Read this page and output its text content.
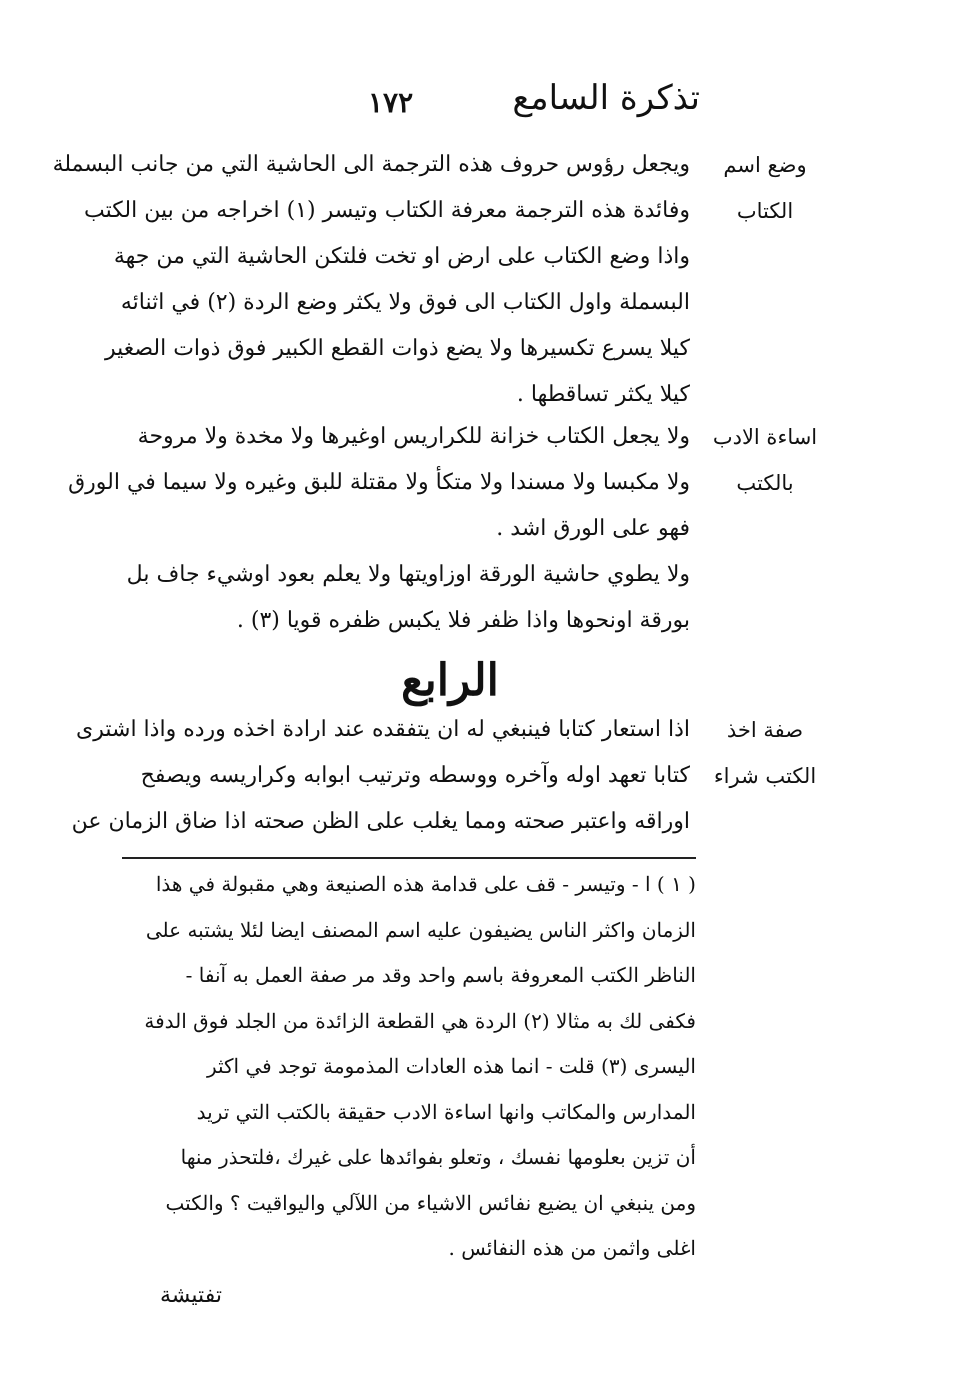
تذكرة السامع
١٧٢

وضع اسم

الكتاب

ويجعل رؤوس حروف هذه الترجمة الى الحاشية التي من جانب البسملة

وفائدة هذه الترجمة معرفة الكتاب وتيسر (١) اخراجه من بين الكتب

واذا وضع الكتاب على ارض او تخت فلتكن الحاشية التي من جهة

البسملة واول الكتاب الى فوق ولا يكثر وضع الردة (٢) في اثنائه

كيلا يسرع تكسيرها ولا يضع ذوات القطع الكبير فوق ذوات الصغير

كيلا يكثر تساقطها .

اساءة الادب

بالكتب

ولا يجعل الكتاب خزانة للكراريس اوغيرها ولا مخدة ولا مروحة

ولا مكبسا ولا مسندا ولا متكأ ولا مقتلة للبق وغيره ولا سيما في الورق

فهو على الورق اشد .

ولا يطوي حاشية الورقة اوزاويتها ولا يعلم بعود اوشيء جاف بل

بورقة اونحوها واذا ظفر فلا يكبس ظفره قويا (٣) .

الرابع

صفة اخذ

الكتب شراء

اذا استعار كتابا فينبغي له ان يتفقده عند ارادة اخذه ورده واذا اشترى

كتابا تعهد اوله وآخره ووسطه وترتيب ابوابه وكراريسه ويصفح

اوراقه واعتبر صحته ومما يغلب على الظن صحته اذا ضاق الزمان عن

( ١ ) ا - وتيسر - قف على قدامة هذه الصنيعة وهي مقبولة في هذا

الزمان واكثر الناس يضيفون عليه اسم المصنف ايضا لئلا يشتبه على

الناظر الكتب المعروفة باسم واحد وقد مر صفة العمل به آنفا -

فكفى لك به مثالا (٢) الردة هي القطعة الزائدة من الجلد فوق الدفة

اليسرى (٣) قلت - انما هذه العادات المذمومة توجد في اكثر

المدارس والمكاتب وانها اساءة الادب حقيقة بالكتب التي تريد

أن تزين بعلومها نفسك ، وتعلو بفوائدها على غيرك ،فلتحذر منها

ومن ينبغي ان يضيع نفائس الاشياء من اللآلي واليواقيت ؟ والكتب

اغلى واثمن من هذه النفائس .

تفتيشة
